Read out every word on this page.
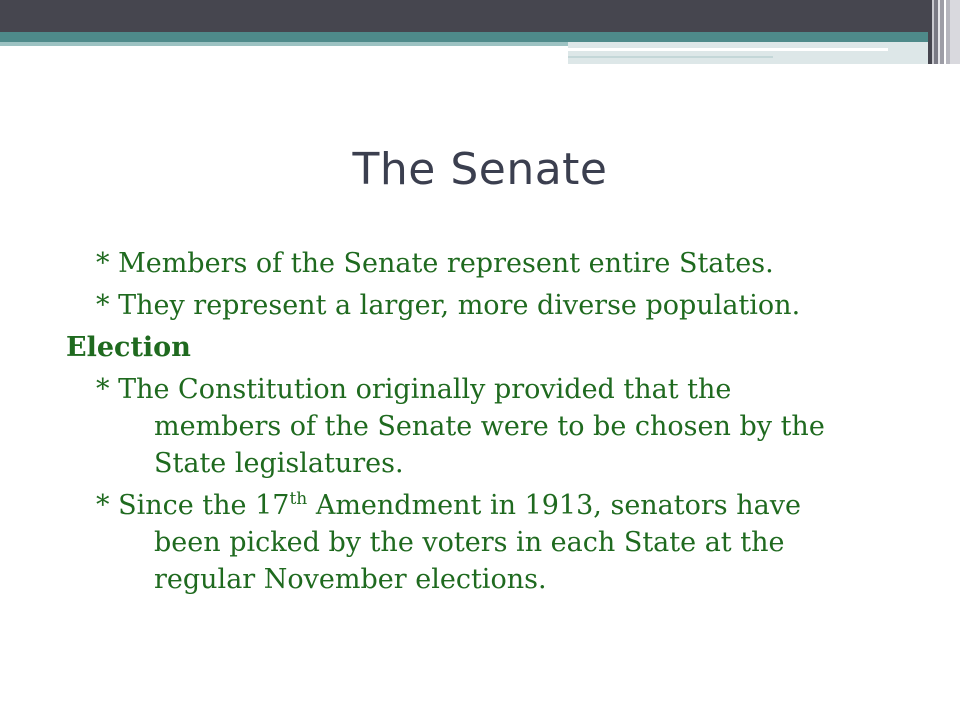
The Senate

* Members of the Senate represent entire States.

* They represent a larger, more diverse population.

Election

* The Constitution originally provided that the

members of the Senate were to be chosen by the

State legislatures.

* Since the 17th Amendment in 1913, senators have

been picked by the voters in each State at the

regular November elections.
